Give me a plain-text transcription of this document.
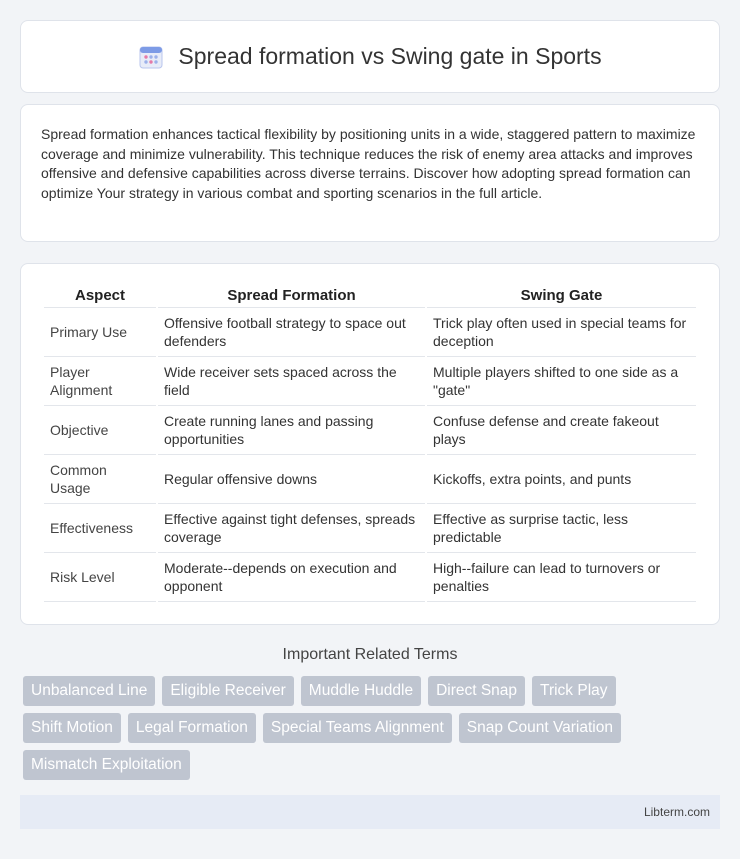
Spread formation vs Swing gate in Sports

Spread formation enhances tactical flexibility by positioning units in a wide, staggered pattern to maximize coverage and minimize vulnerability. This technique reduces the risk of enemy area attacks and improves offensive and defensive capabilities across diverse terrains. Discover how adopting spread formation can optimize Your strategy in various combat and sporting scenarios in the full article.

Aspect	Spread Formation	Swing Gate
Primary Use	Offensive football strategy to space out defenders	Trick play often used in special teams for deception
Player Alignment	Wide receiver sets spaced across the field	Multiple players shifted to one side as a "gate"
Objective	Create running lanes and passing opportunities	Confuse defense and create fakeout plays
Common Usage	Regular offensive downs	Kickoffs, extra points, and punts
Effectiveness	Effective against tight defenses, spreads coverage	Effective as surprise tactic, less predictable
Risk Level	Moderate--depends on execution and opponent	High--failure can lead to turnovers or penalties
Important Related Terms
Unbalanced Line	Eligible Receiver	Muddle Huddle	Direct Snap	Trick Play
Shift Motion	Legal Formation	Special Teams Alignment	Snap Count Variation
Mismatch Exploitation
Libterm.com
